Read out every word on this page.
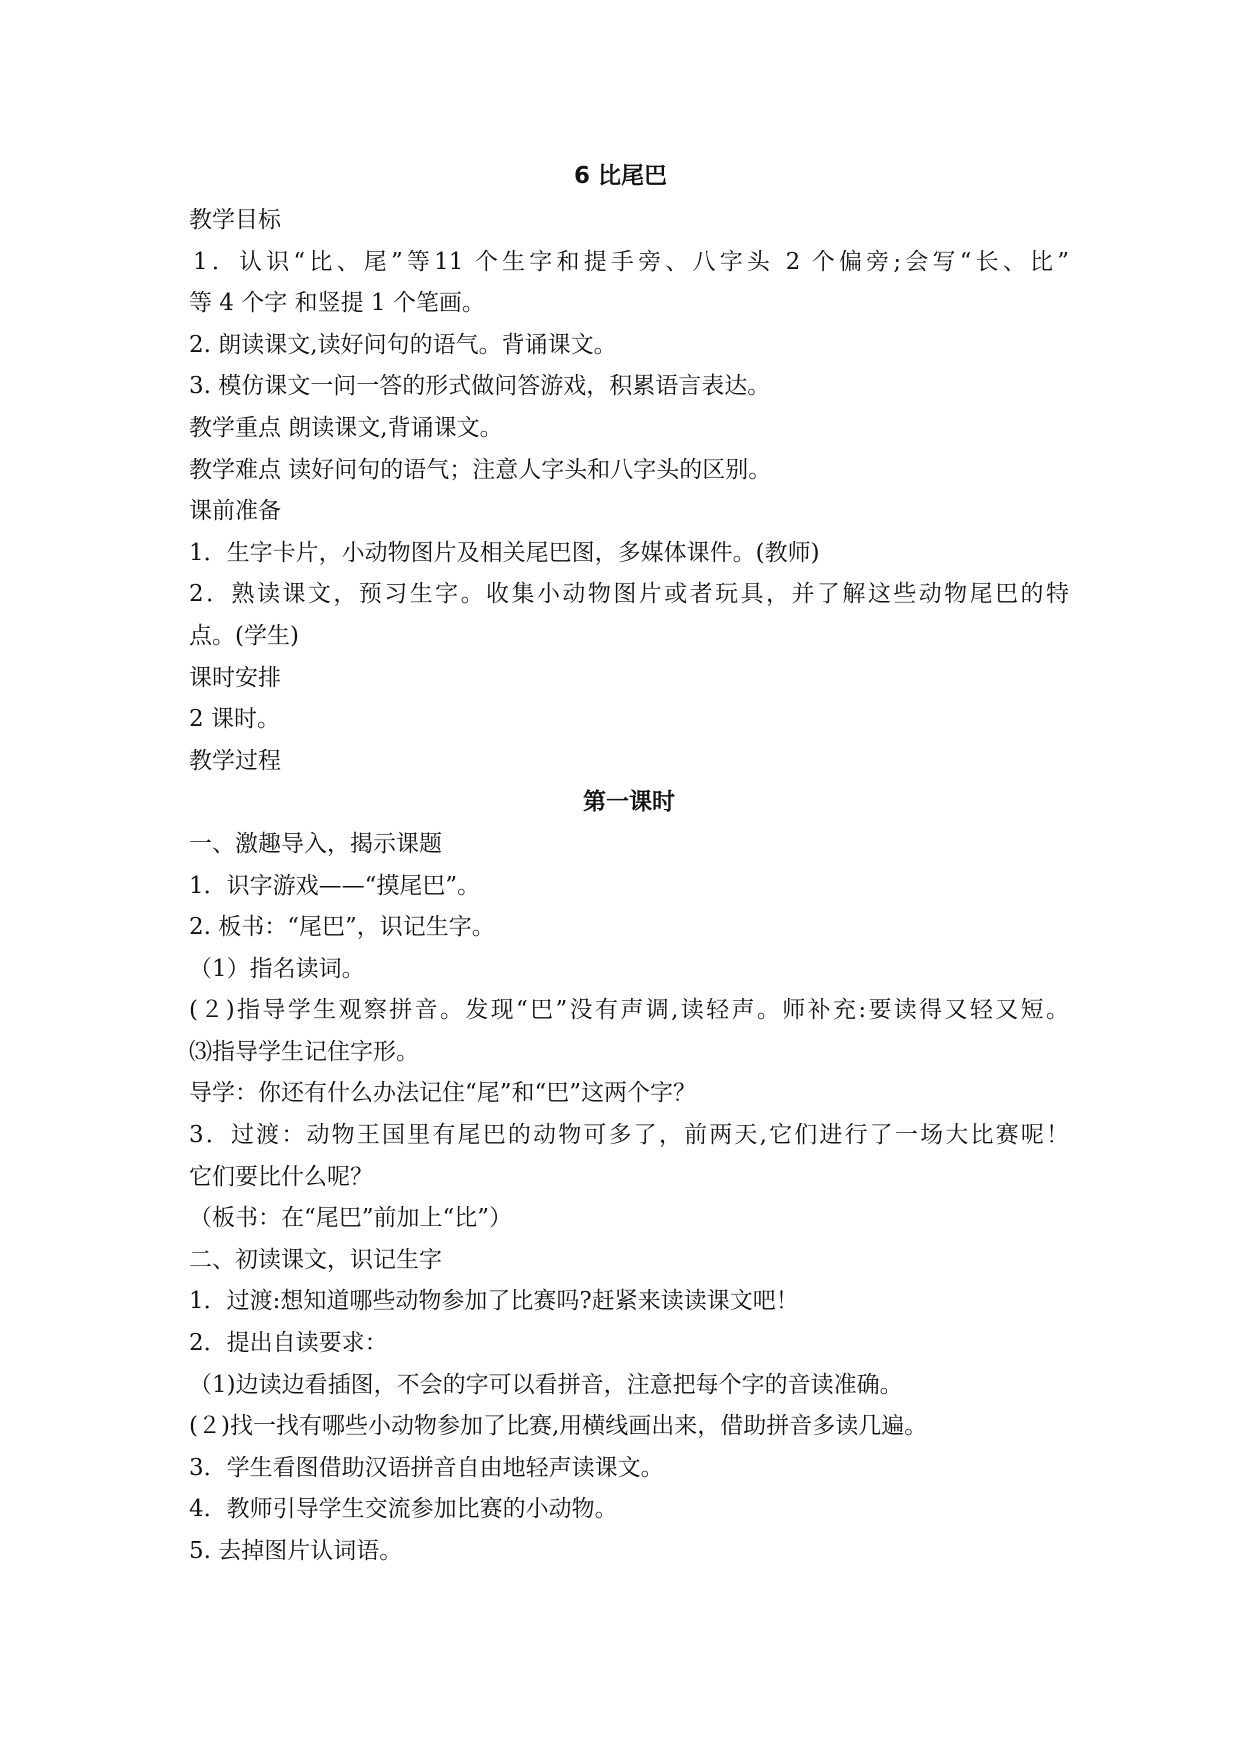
6 比尾巴
教学目标
1．认识“比、尾”等11 个生字和提手旁、八字头 2 个偏旁;会写“长、比”
等 4 个字 和竖提 1 个笔画。
2. 朗读课文,读好问句的语气。背诵课文。
3. 模仿课文一问一答的形式做问答游戏，积累语言表达。
教学重点 朗读课文,背诵课文。
教学难点 读好问句的语气；注意人字头和八字头的区别。
课前准备
1．生字卡片，小动物图片及相关尾巴图，多媒体课件。(教师)
2．熟读课文，预习生字。收集小动物图片或者玩具，并了解这些动物尾巴的特
点。(学生)
课时安排
2 课时。
教学过程
第一课时
一、激趣导入，揭示课题
1．识字游戏——“摸尾巴”。
2. 板书：“尾巴”，识记生字。
（1）指名读词。
(２)指导学生观察拼音。发现“巴”没有声调,读轻声。师补充:要读得又轻又短。
⑶指导学生记住字形。
导学：你还有什么办法记住“尾”和“巴”这两个字？
3．过渡：动物王国里有尾巴的动物可多了，前两天,它们进行了一场大比赛呢！
它们要比什么呢？
（板书：在“尾巴”前加上“比”）
二、初读课文，识记生字
1．过渡:想知道哪些动物参加了比赛吗?赶紧来读读课文吧！
2．提出自读要求：
（1)边读边看插图，不会的字可以看拼音，注意把每个字的音读准确。
(２)找一找有哪些小动物参加了比赛,用横线画出来，借助拼音多读几遍。
3．学生看图借助汉语拼音自由地轻声读课文。
4．教师引导学生交流参加比赛的小动物。
5. 去掉图片认词语。
